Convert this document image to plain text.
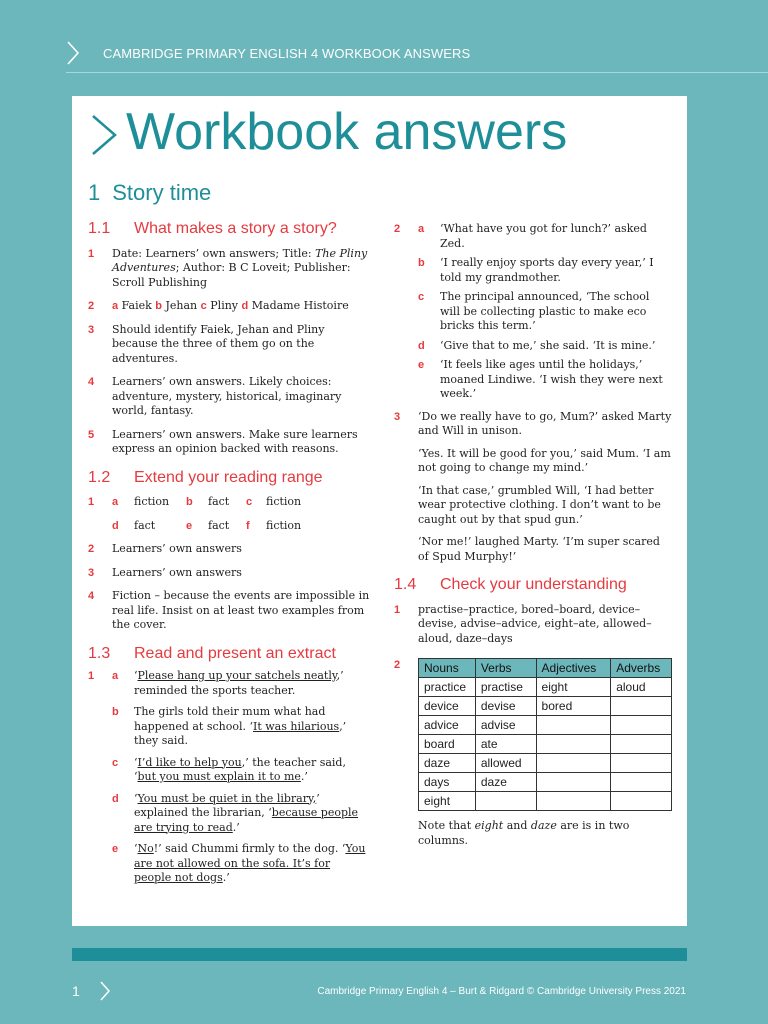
CAMBRIDGE PRIMARY ENGLISH 4 WORKBOOK ANSWERS
Workbook answers
1 Story time
1.1 What makes a story a story?
1 Date: Learners’ own answers; Title: The Pliny Adventures; Author: B C Loveit; Publisher: Scroll Publishing

2 a Faiek b Jehan c Pliny d Madame Histoire

3 Should identify Faiek, Jehan and Pliny because the three of them go on the adventures.

4 Learners’ own answers. Likely choices: adventure, mystery, historical, imaginary world, fantasy.

5 Learners’ own answers. Make sure learners express an opinion backed with reasons.

1.2 Extend your reading range
1 a	fiction	b	fact	c	fiction
d	fact	e	fact	f	fiction
2 Learners’ own answers

3 Learners’ own answers

4 Fiction – because the events are impossible in real life. Insist on at least two examples from the cover.

1.3 Read and present an extract
1 a ‘Please hang up your satchels neatly,’ reminded the sports teacher.

b The girls told their mum what had happened at school. ‘It was hilarious,’ they said.

c ‘I’d like to help you,’ the teacher said, ‘but you must explain it to me.’

d ‘You must be quiet in the library,’ explained the librarian, ‘because people are trying to read.’

e ‘No!’ said Chummi firmly to the dog. ‘You are not allowed on the sofa. It’s for people not dogs.’

2 a ‘What have you got for lunch?’ asked Zed.

b ‘I really enjoy sports day every year,’ I told my grandmother.

c The principal announced, ‘The school will be collecting plastic to make eco bricks this term.’

d ‘Give that to me,’ she said. ‘It is mine.’

e ‘It feels like ages until the holidays,’ moaned Lindiwe. ‘I wish they were next week.’

3 ‘Do we really have to go, Mum?’ asked Marty and Will in unison.

‘Yes. It will be good for you,’ said Mum. ‘I am not going to change my mind.’

‘In that case,’ grumbled Will, ‘I had better wear protective clothing. I don’t want to be caught out by that spud gun.’

‘Nor me!’ laughed Marty. ‘I’m super scared of Spud Murphy!’

1.4 Check your understanding
1 practise–practice, bored–board, device–devise, advise–advice, eight–ate, allowed–aloud, daze–days

2 Nouns	Verbs	Adjectives	Adverbs
practice	practise	eight	aloud
device	devise	bored	
advice	advise		
board	ate		
daze	allowed		
days	daze		
eight			

Note that eight and daze are is in two columns.

1	Cambridge Primary English 4 – Burt & Ridgard © Cambridge University Press 2021
